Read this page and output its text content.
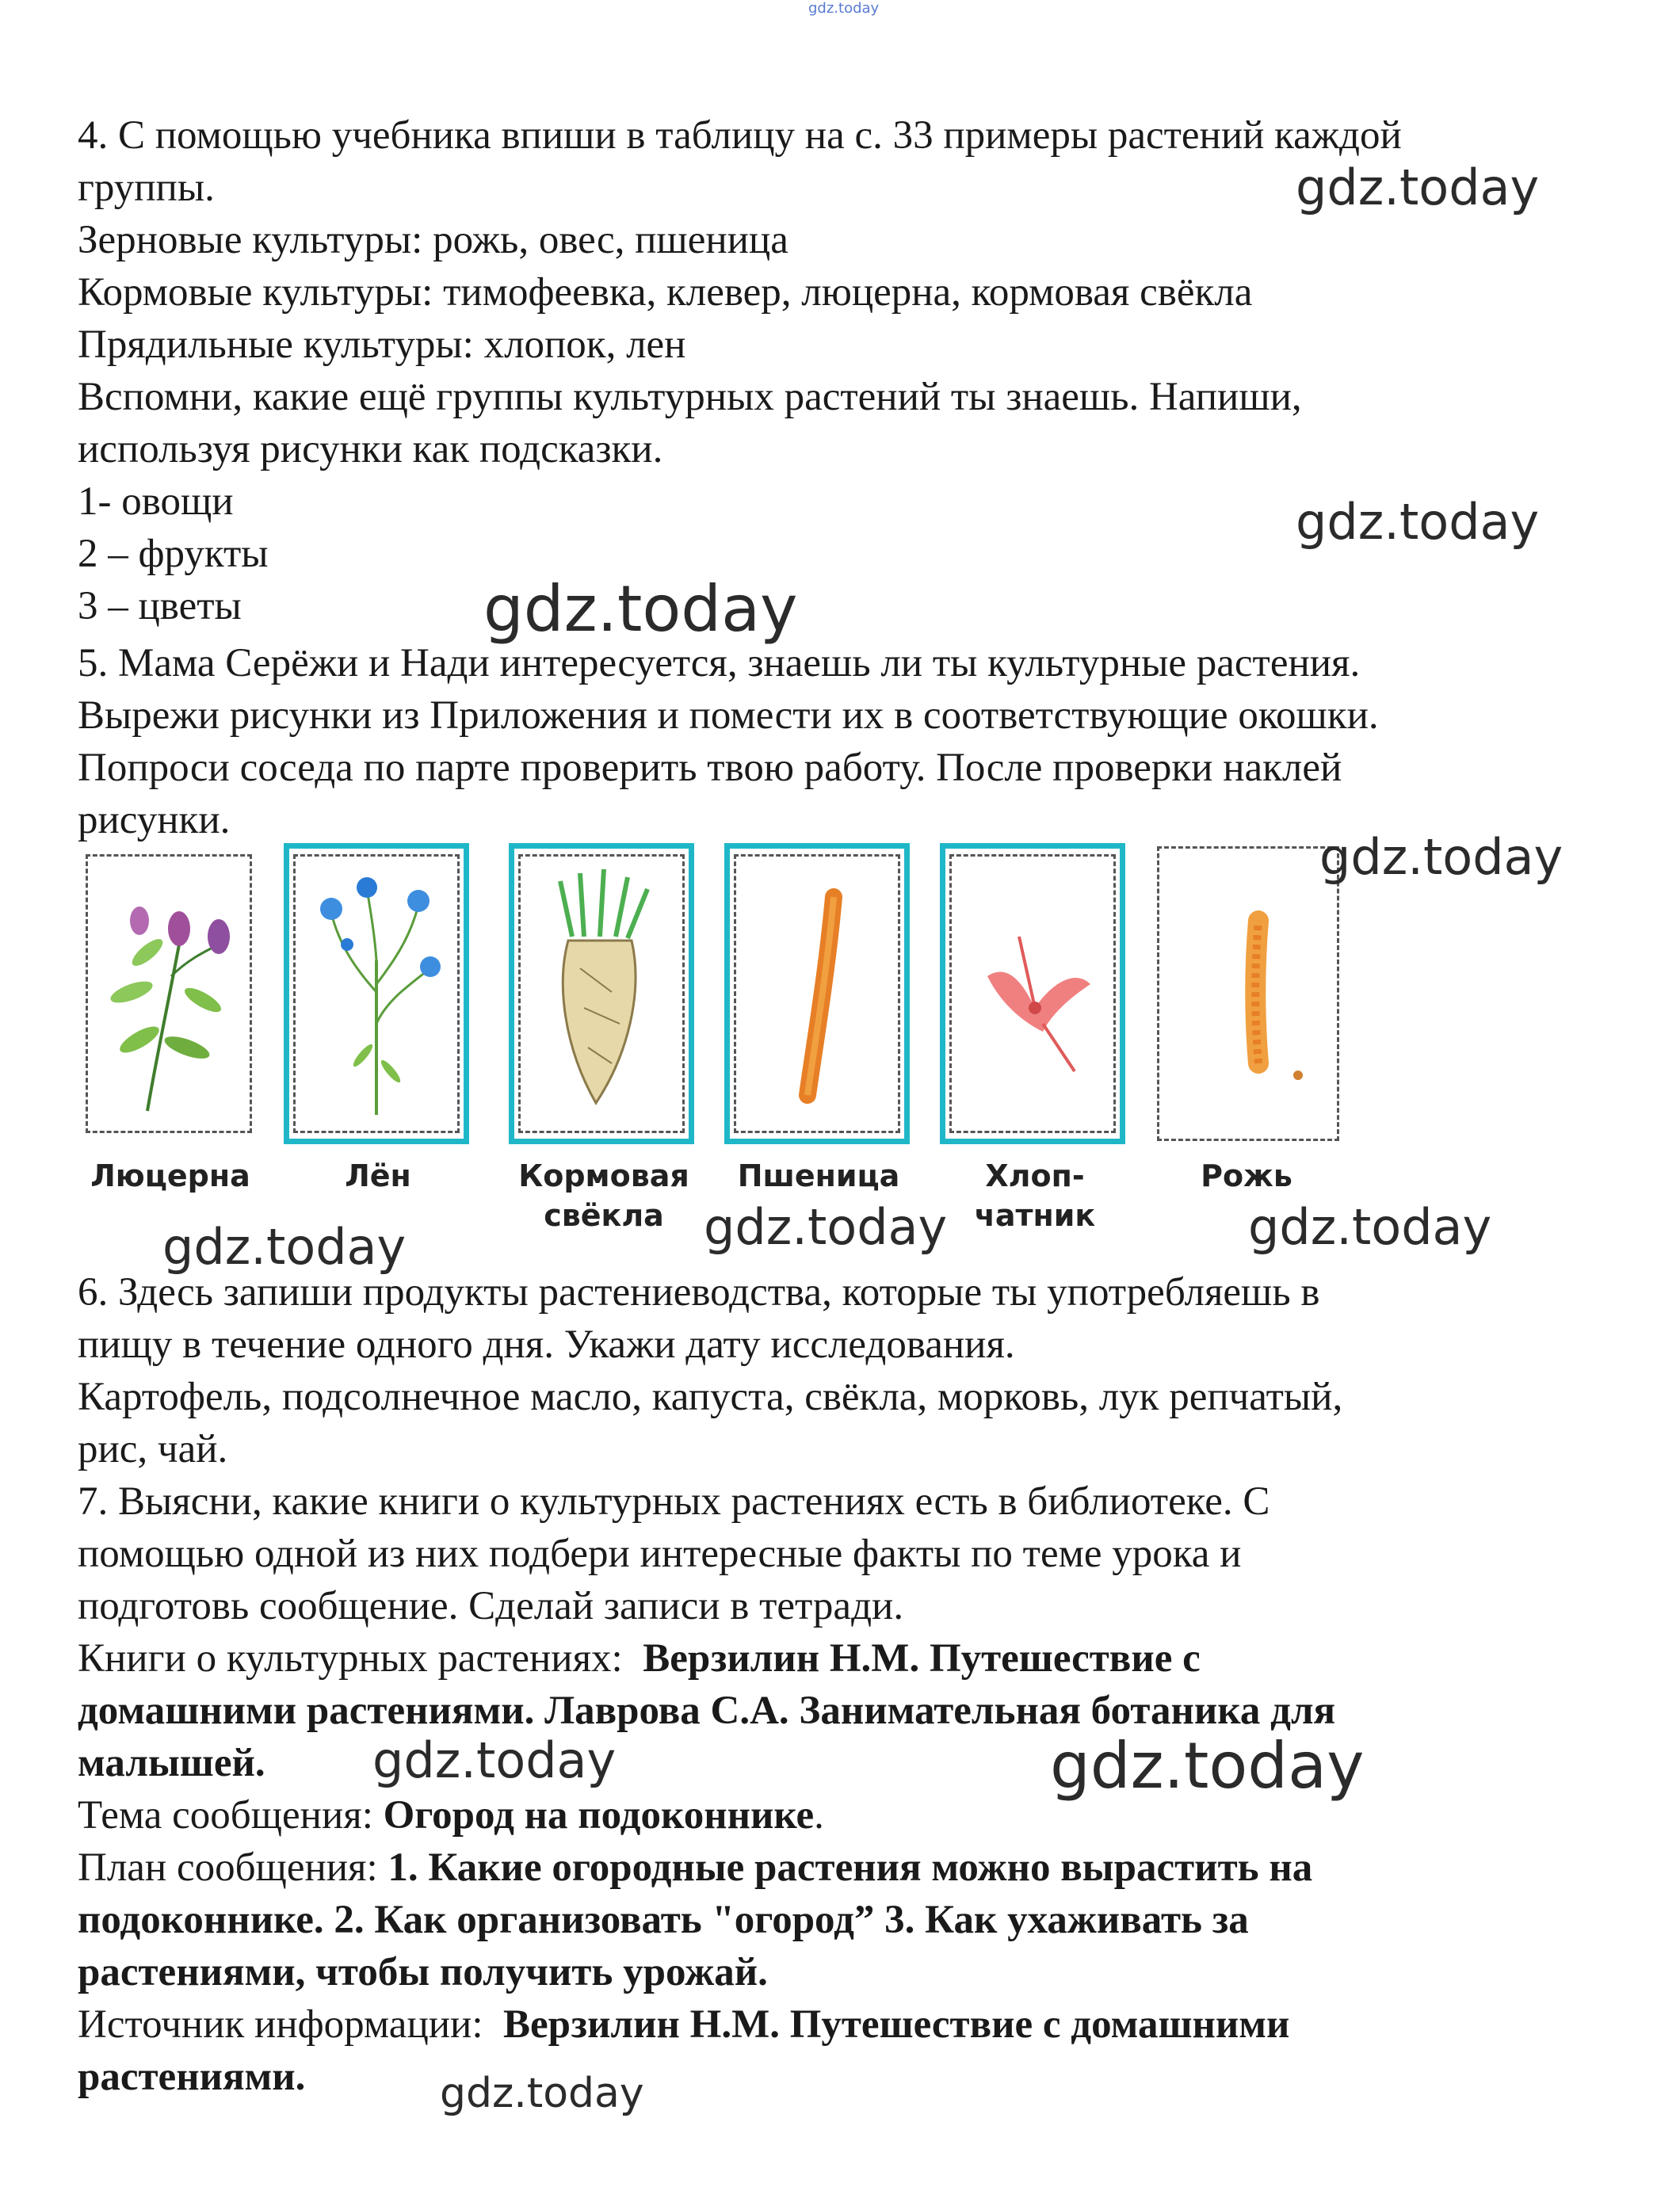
gdz.today
4. С помощью учебника впиши в таблицу на с. 33 примеры растений каждой
группы.
Зерновые культуры: рожь, овес, пшеница
Кормовые культуры: тимофеевка, клевер, люцерна, кормовая свёкла
Прядильные культуры: хлопок, лен
Вспомни, какие ещё группы культурных растений ты знаешь. Напиши,
используя рисунки как подсказки.
1- овощи
2 – фрукты
3 – цветы
5. Мама Серёжи и Нади интересуется, знаешь ли ты культурные растения.
Вырежи рисунки из Приложения и помести их в соответствующие окошки.
Попроси соседа по парте проверить твою работу. После проверки наклей
рисунки.
Люцерна	Лён	Кормовая
свёкла
Пшеница	Хлоп-
чатник
Рожь
6. Здесь запиши продукты растениеводства, которые ты употребляешь в
пищу в течение одного дня. Укажи дату исследования.
Картофель, подсолнечное масло, капуста, свёкла, морковь, лук репчатый,
рис, чай.
7. Выясни, какие книги о культурных растениях есть в библиотеке. С
помощью одной из них подбери интересные факты по теме урока и
подготовь сообщение. Сделай записи в тетради.
Книги о культурных растениях: Верзилин Н.М. Путешествие с
домашними растениями. Лаврова С.А. Занимательная ботаника для
малышей.
Тема сообщения: Огород на подоконнике.
План сообщения: 1. Какие огородные растения можно вырастить на
подоконнике. 2. Как организовать "огород” 3. Как ухаживать за
растениями, чтобы получить урожай.
Источник информации: Верзилин Н.М. Путешествие с домашними
растениями.
gdz.today
gdz.today
gdz.today
gdz.today
gdz.today	gdz.today	gdz.today
gdz.today	gdz.today
gdz.today
